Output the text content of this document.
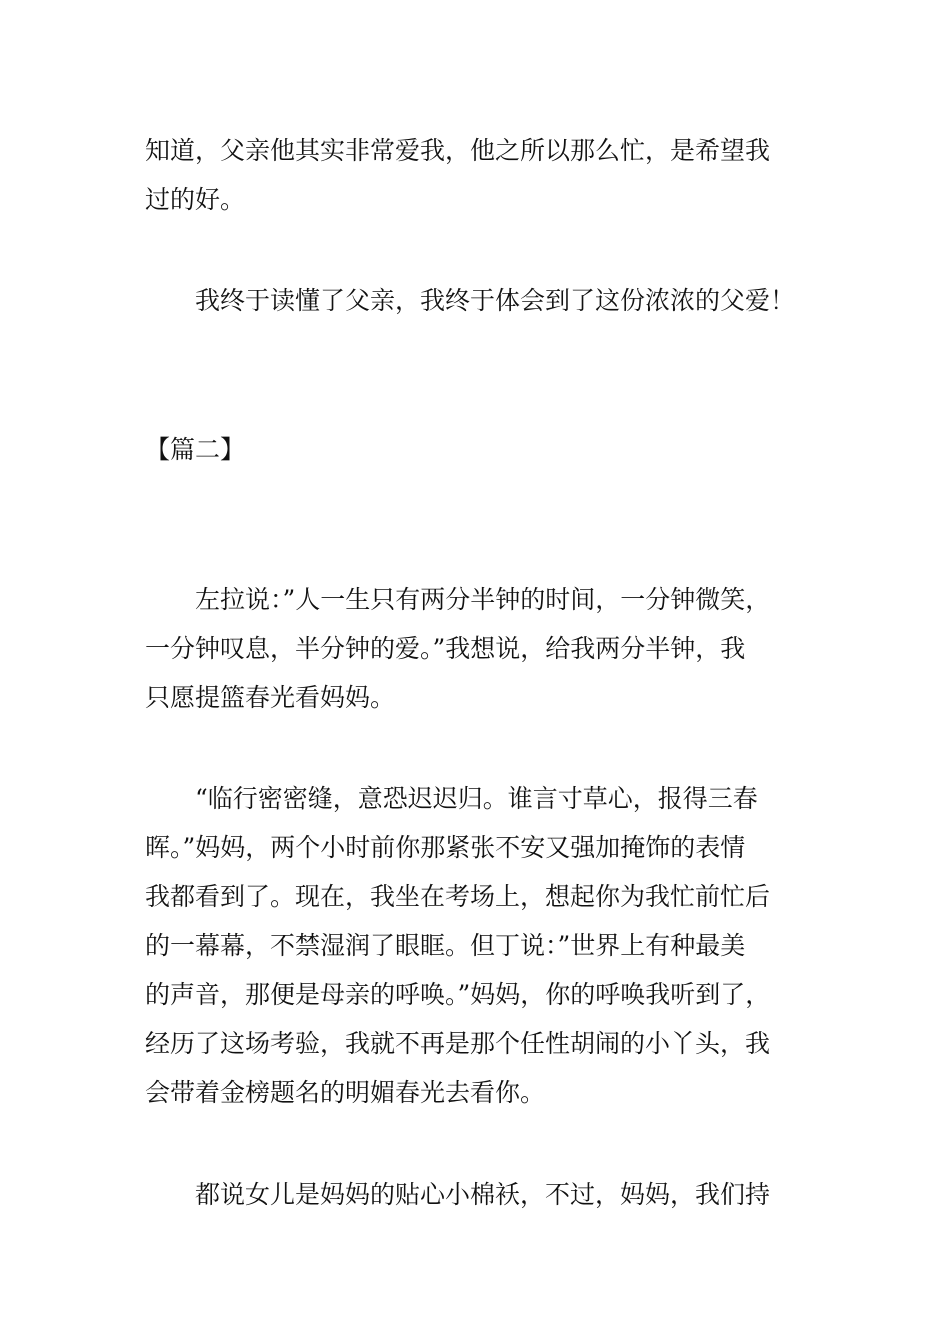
知道，父亲他其实非常爱我，他之所以那么忙，是希望我
过的好。
我终于读懂了父亲，我终于体会到了这份浓浓的父爱！
【篇二】
左拉说：”人一生只有两分半钟的时间，一分钟微笑，
一分钟叹息，半分钟的爱。”我想说，给我两分半钟，我
只愿提篮春光看妈妈。
“临行密密缝，意恐迟迟归。谁言寸草心，报得三春
晖。”妈妈，两个小时前你那紧张不安又强加掩饰的表情
我都看到了。现在，我坐在考场上，想起你为我忙前忙后
的一幕幕，不禁湿润了眼眶。但丁说：”世界上有种最美
的声音，那便是母亲的呼唤。”妈妈，你的呼唤我听到了，
经历了这场考验，我就不再是那个任性胡闹的小丫头，我
会带着金榜题名的明媚春光去看你。
都说女儿是妈妈的贴心小棉袄，不过，妈妈，我们持
